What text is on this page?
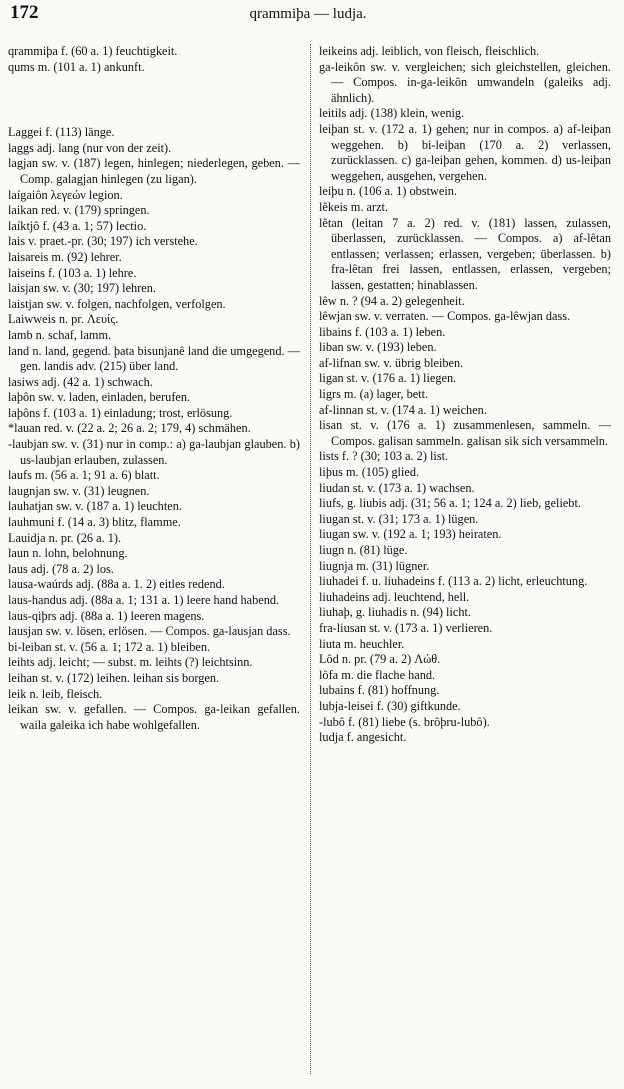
172	qrammiþa — ludja.

qrammiþa f. (60 a. 1) feuchtigkeit.

qums m. (101 a. 1) ankunft.

Laggei f. (113) länge.

laggs adj. lang (nur von der zeit).

lagjan sw. v. (187) legen, hinlegen; niederlegen, geben. — Comp. galagjan hinlegen (zu ligan).

laígaiôn λεγεών legion.

laikan red. v. (179) springen.

laíktjô f. (43 a. 1; 57) lectio.

lais v. praet.-pr. (30; 197) ich verstehe.

laisareis m. (92) lehrer.

laiseins f. (103 a. 1) lehre.

laisjan sw. v. (30; 197) lehren.

laistjan sw. v. folgen, nachfolgen, verfolgen.

Laiwweis n. pr. Λευίς.

lamb n. schaf, lamm.

land n. land, gegend. þata bisunjanê land die umgegend. — gen. landis adv. (215) über land.

lasiws adj. (42 a. 1) schwach.

laþôn sw. v. laden, einladen, berufen.

laþôns f. (103 a. 1) einladung; trost, erlösung.

*lauan red. v. (22 a. 2; 26 a. 2; 179, 4) schmähen.

-laubjan sw. v. (31) nur in comp.: a) ga-laubjan glauben. b) us-laubjan erlauben, zulassen.

laufs m. (56 a. 1; 91 a. 6) blatt.

laugnjan sw. v. (31) leugnen.

lauhatjan sw. v. (187 a. 1) leuchten.

lauhmuni f. (14 a. 3) blitz, flamme.

Lauidja n. pr. (26 a. 1).

laun n. lohn, belohnung.

laus adj. (78 a. 2) los.

lausa-waúrds adj. (88a a. 1. 2) eitles redend.

laus-handus adj. (88a a. 1; 131 a. 1) leere hand habend.

laus-qiþrs adj. (88a a. 1) leeren magens.

lausjan sw. v. lösen, erlösen. — Compos. ga-lausjan dass.

bi-leiban st. v. (56 a. 1; 172 a. 1) bleiben.

leihts adj. leicht; — subst. m. leihts (?) leichtsinn.

leihan st. v. (172) leihen. leihan sis borgen.

leik n. leib, fleisch.

leikan sw. v. gefallen. — Compos. ga-leikan gefallen. waila galeika ich habe wohlgefallen.

leikeins adj. leiblich, von fleisch, fleischlich.

ga-leikôn sw. v. vergleichen; sich gleichstellen, gleichen. — Compos. in-ga-leikôn umwandeln (galeiks adj. ähnlich).

leitils adj. (138) klein, wenig.

leiþan st. v. (172 a. 1) gehen; nur in compos. a) af-leiþan weggehen. b) bi-leiþan (170 a. 2) verlassen, zurücklassen. c) ga-leiþan gehen, kommen. d) us-leiþan weggehen, ausgehen, vergehen.

leiþu n. (106 a. 1) obstwein.

lêkeis m. arzt.

lêtan (leitan 7 a. 2) red. v. (181) lassen, zulassen, überlassen, zurücklassen. — Compos. a) af-lêtan entlassen; verlassen; erlassen, vergeben; überlassen. b) fra-lêtan frei lassen, entlassen, erlassen, vergeben; lassen, gestatten; hinablassen.

lêw n. ? (94 a. 2) gelegenheit.

lêwjan sw. v. verraten. — Compos. ga-lêwjan dass.

libains f. (103 a. 1) leben.

liban sw. v. (193) leben.

af-lifnan sw. v. übrig bleiben.

ligan st. v. (176 a. 1) liegen.

ligrs m. (a) lager, bett.

af-linnan st. v. (174 a. 1) weichen.

lisan st. v. (176 a. 1) zusammenlesen, sammeln. — Compos. galisan sammeln. galisan sik sich versammeln.

lists f. ? (30; 103 a. 2) list.

liþus m. (105) glied.

liudan st. v. (173 a. 1) wachsen.

liufs, g. liubis adj. (31; 56 a. 1; 124 a. 2) lieb, geliebt.

liugan st. v. (31; 173 a. 1) lügen.

liugan sw. v. (192 a. 1; 193) heiraten.

liugn n. (81) lüge.

liugnja m. (31) lügner.

liuhadei f. u. liuhadeins f. (113 a. 2) licht, erleuchtung.

liuhadeins adj. leuchtend, hell.

liuhaþ, g. liuhadis n. (94) licht.

fra-liusan st. v. (173 a. 1) verlieren.

liuta m. heuchler.

Lôd n. pr. (79 a. 2) Λώθ.

lôfa m. die flache hand.

lubains f. (81) hoffnung.

lubja-leisei f. (30) giftkunde.

-lubô f. (81) liebe (s. brôþru-lubô).

ludja f. angesicht.
